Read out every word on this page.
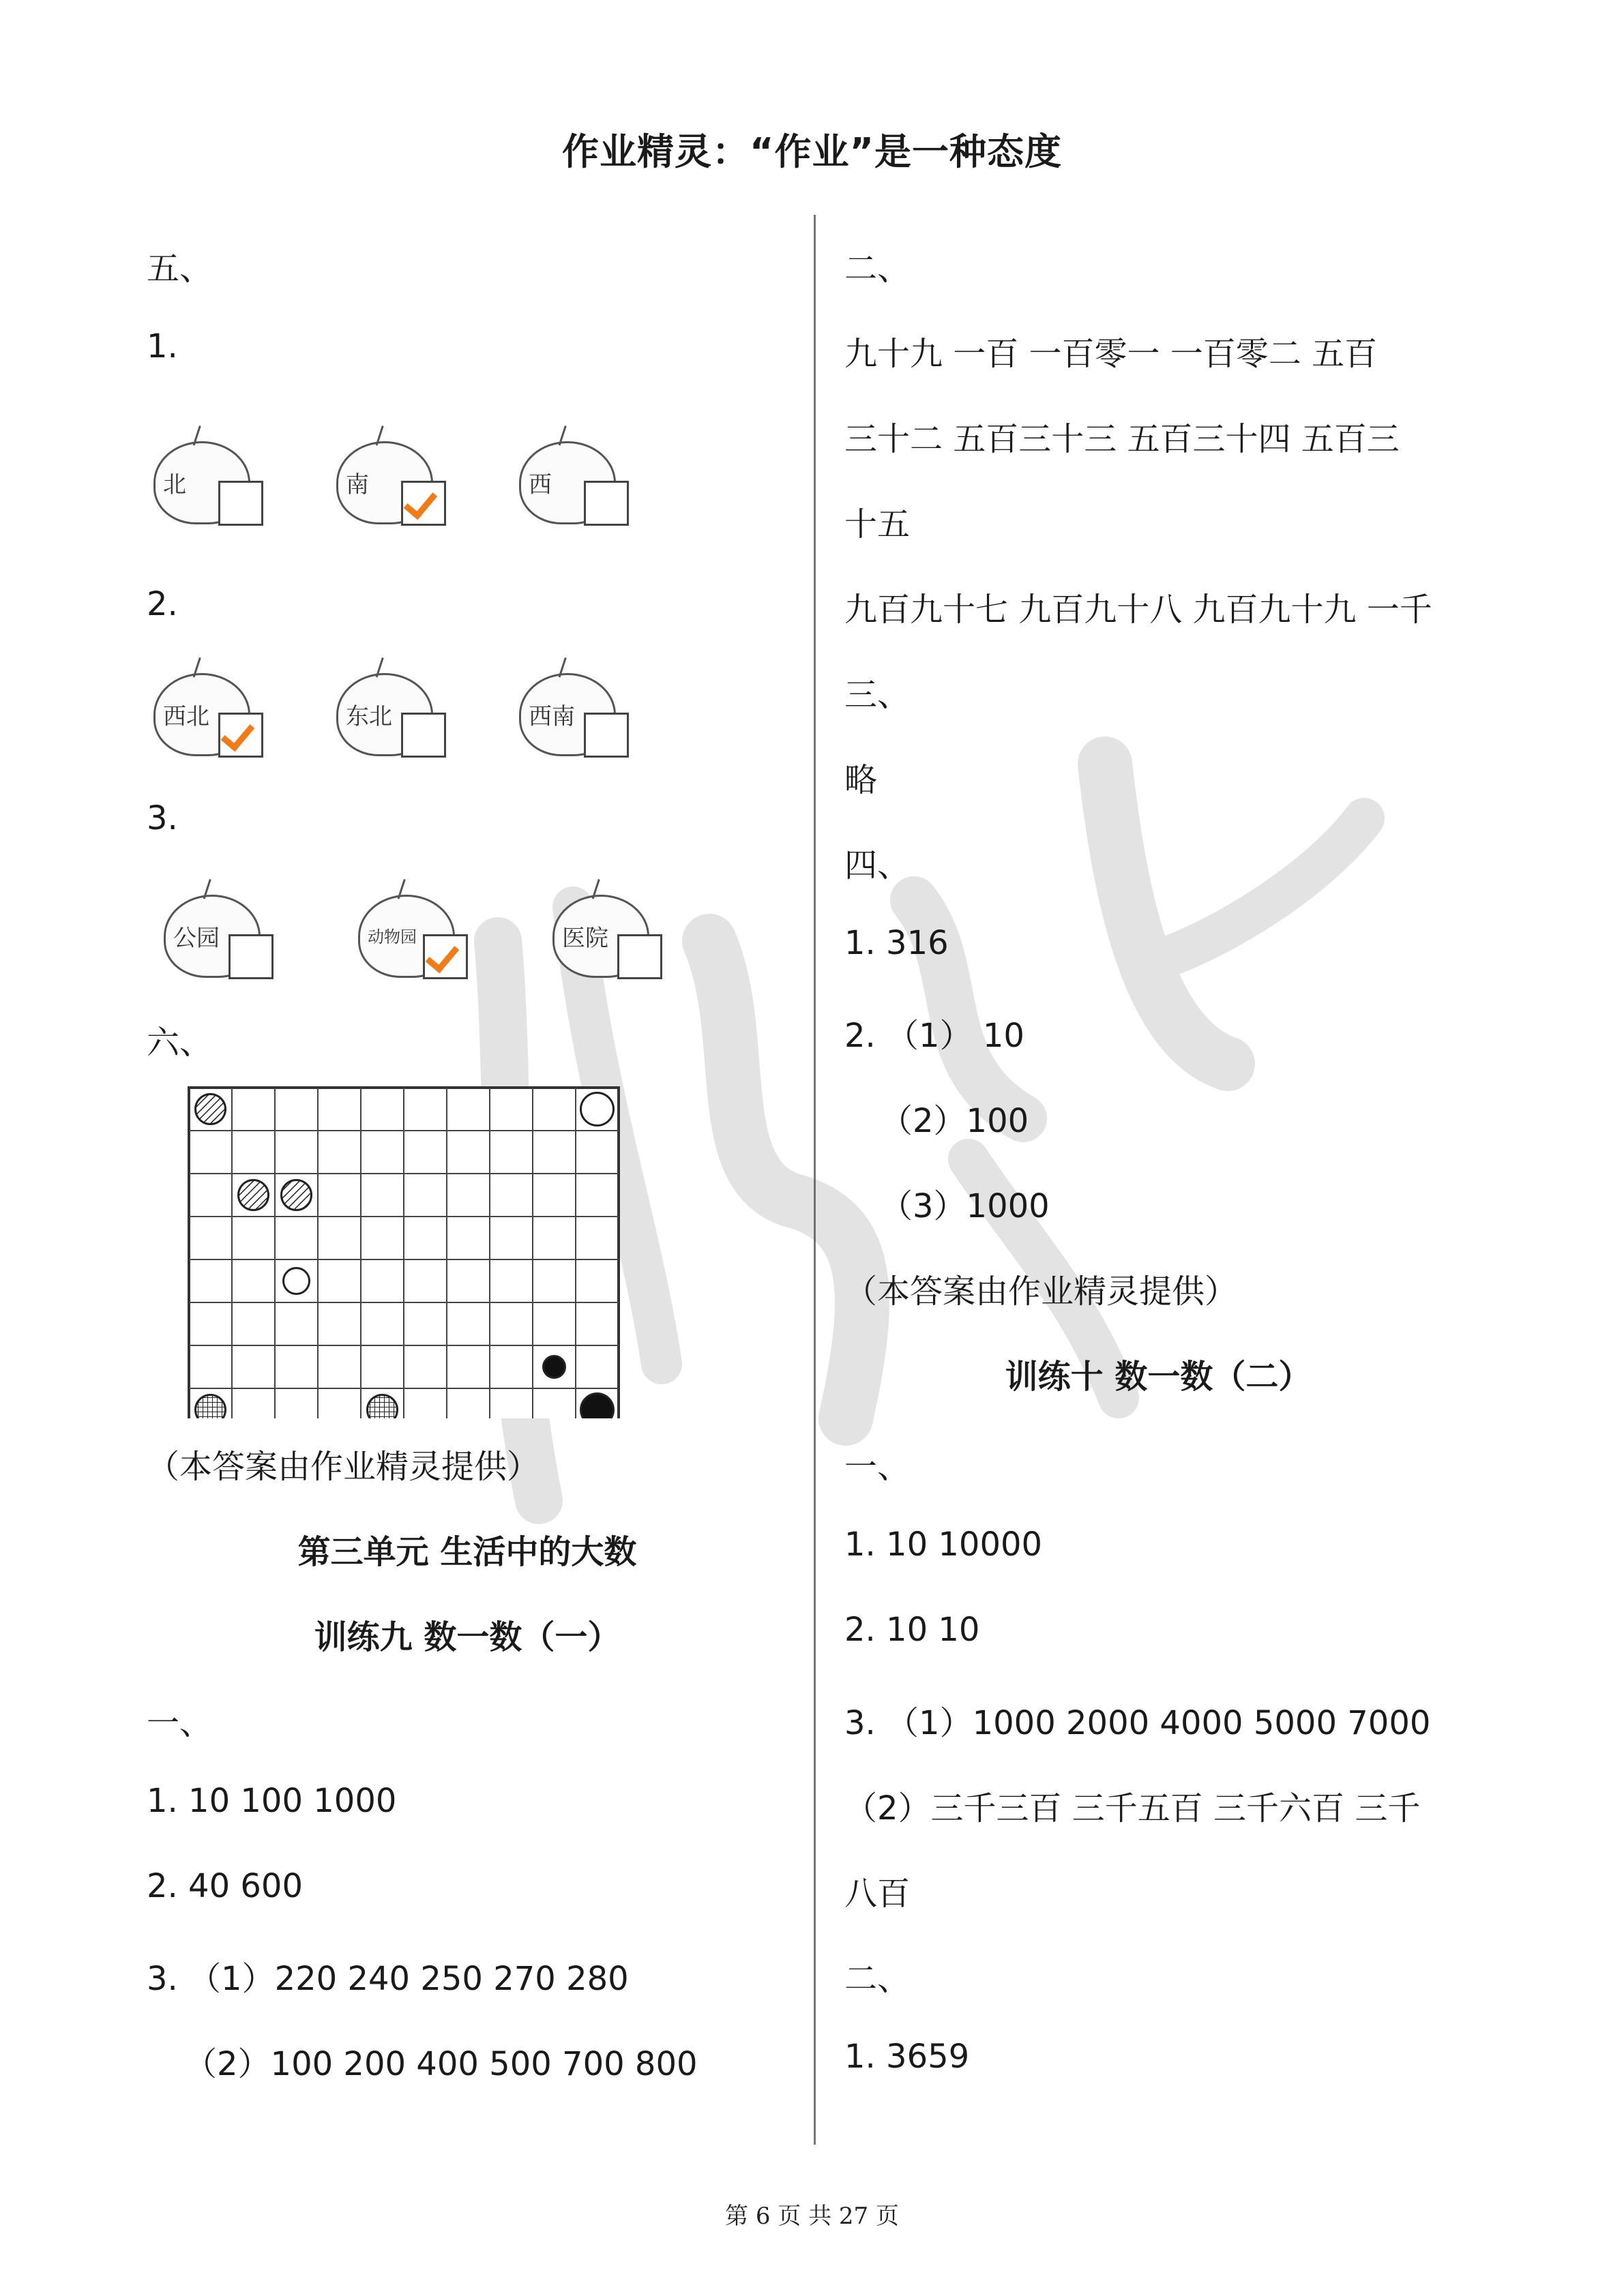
作业精灵：“作业”是一种态度
五、
1.
北	南	西
2.
西北	东北	西南
3.
公园	动物园	医院
六、
（本答案由作业精灵提供）
第三单元 生活中的大数
训练九 数一数（一）
一、
1. 10 100 1000
2. 40 600
3. （1）220 240 250 270 280
（2）100 200 400 500 700 800
二、
九十九 一百 一百零一 一百零二 五百
三十二 五百三十三 五百三十四 五百三
十五
九百九十七 九百九十八 九百九十九 一千
三、
略
四、
1. 316
2. （1） 10
（2）100
（3）1000
（本答案由作业精灵提供）
训练十 数一数（二）
一、
1. 10 10000
2. 10 10
3. （1）1000 2000 4000 5000 7000
（2）三千三百 三千五百 三千六百 三千
八百
二、
1. 3659
第 6 页 共 27 页
